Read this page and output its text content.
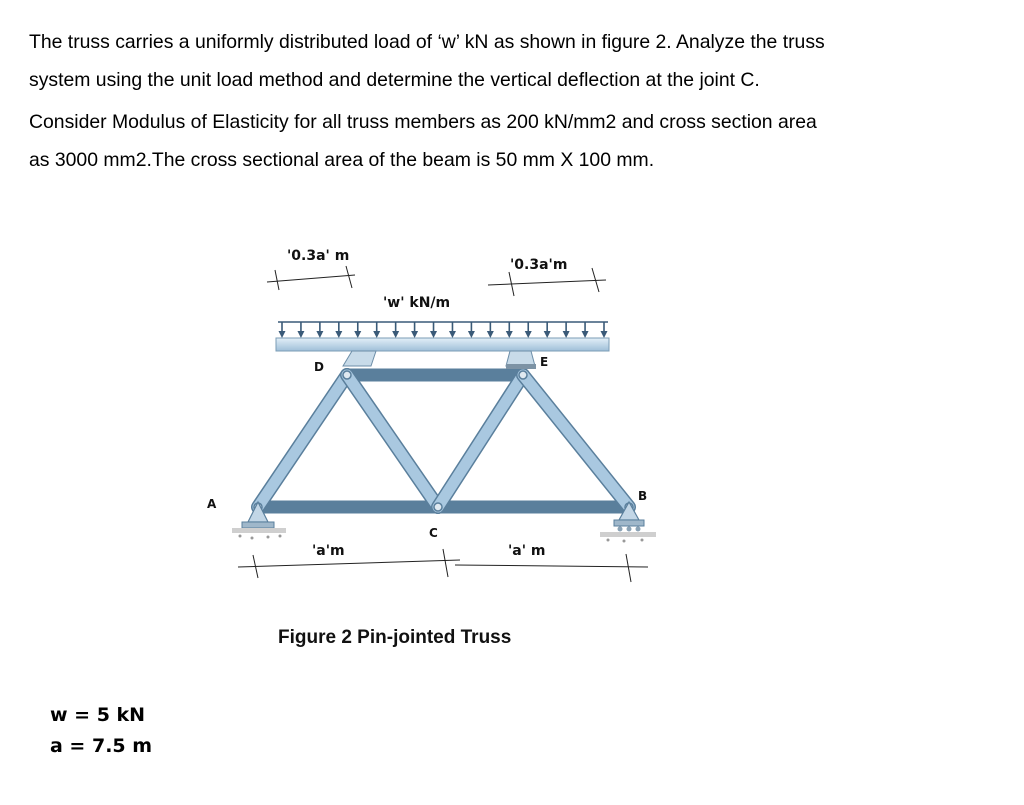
The truss carries a uniformly distributed load of ‘w’ kN as shown in figure 2. Analyze the truss

system using the unit load method and determine the vertical deflection at the joint C.

Consider Modulus of Elasticity for all truss members as 200 kN/mm2 and cross section area

as 3000 mm2.The cross sectional area of the beam is 50 mm X 100 mm.

'0.3a' m
'0.3a'm
'w' kN/m
D	E
A
B
C
'a'm	'a' m
Figure 2 Pin-jointed Truss
w = 5 kN
a = 7.5 m
